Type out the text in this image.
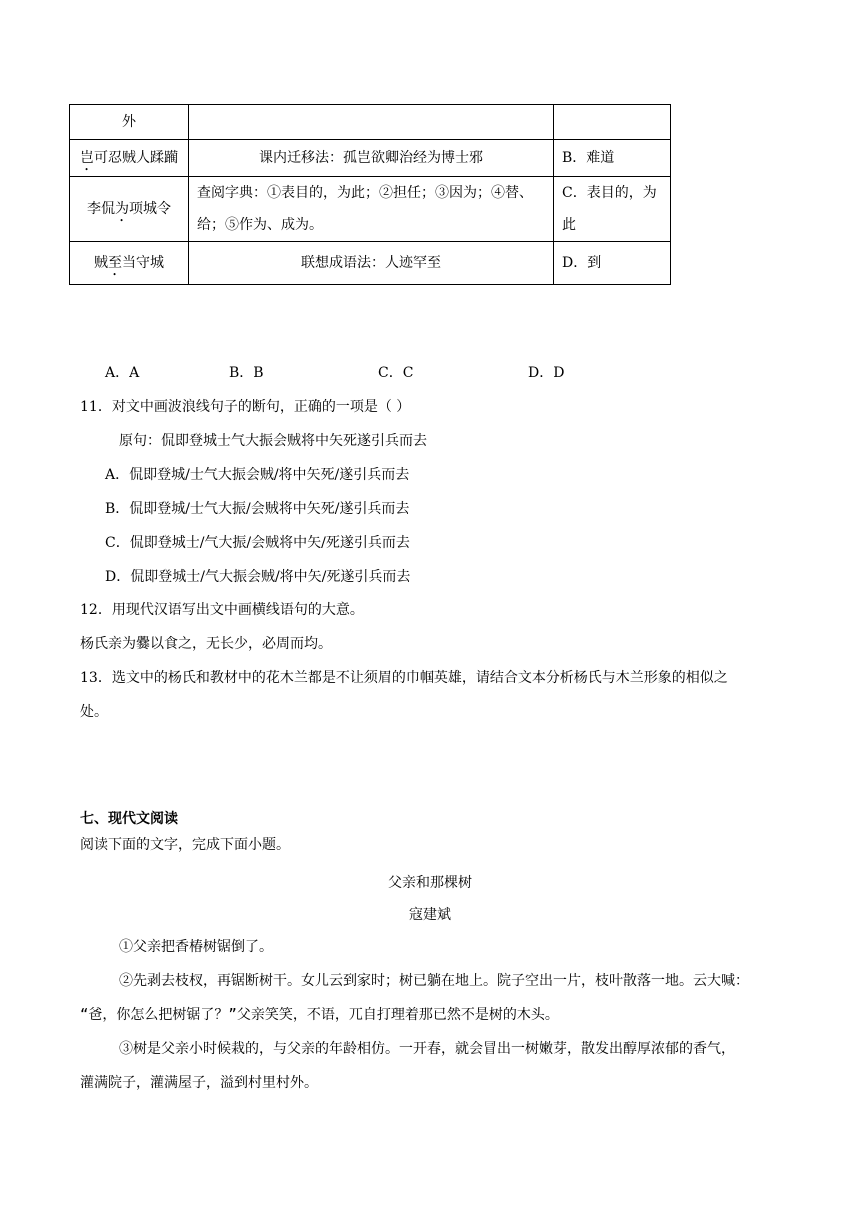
外		
岂可忍贼人蹂躏	课内迁移法：孤岂欲卿治经为博士邪	B．难道
李侃为项城令	查阅字典：①表目的，为此；②担任；③因为；④替、给；⑤作为、成为。	C．表目的，为此
贼至当守城	联想成语法：人迹罕至	D．到
A．A	B．B	C．C	D．D
11．对文中画波浪线句子的断句，正确的一项是（ ）
原句：侃即登城士气大振会贼将中矢死遂引兵而去
A．侃即登城/士气大振会贼/将中矢死/遂引兵而去
B．侃即登城/士气大振/会贼将中矢死/遂引兵而去
C．侃即登城士/气大振/会贼将中矢/死遂引兵而去
D．侃即登城士/气大振会贼/将中矢/死遂引兵而去
12．用现代汉语写出文中画横线语句的大意。
杨氏亲为爨以食之，无长少，必周而均。
13．选文中的杨氏和教材中的花木兰都是不让须眉的巾帼英雄，请结合文本分析杨氏与木兰形象的相似之
处。
七、现代文阅读
阅读下面的文字，完成下面小题。
父亲和那棵树
寇建斌
①父亲把香椿树锯倒了。
②先剥去枝杈，再锯断树干。女儿云到家时；树已躺在地上。院子空出一片，枝叶散落一地。云大喊：
“爸，你怎么把树锯了？”父亲笑笑，不语，兀自打理着那已然不是树的木头。
③树是父亲小时候栽的，与父亲的年龄相仿。一开春，就会冒出一树嫩芽，散发出醇厚浓郁的香气，
灌满院子，灌满屋子，溢到村里村外。
